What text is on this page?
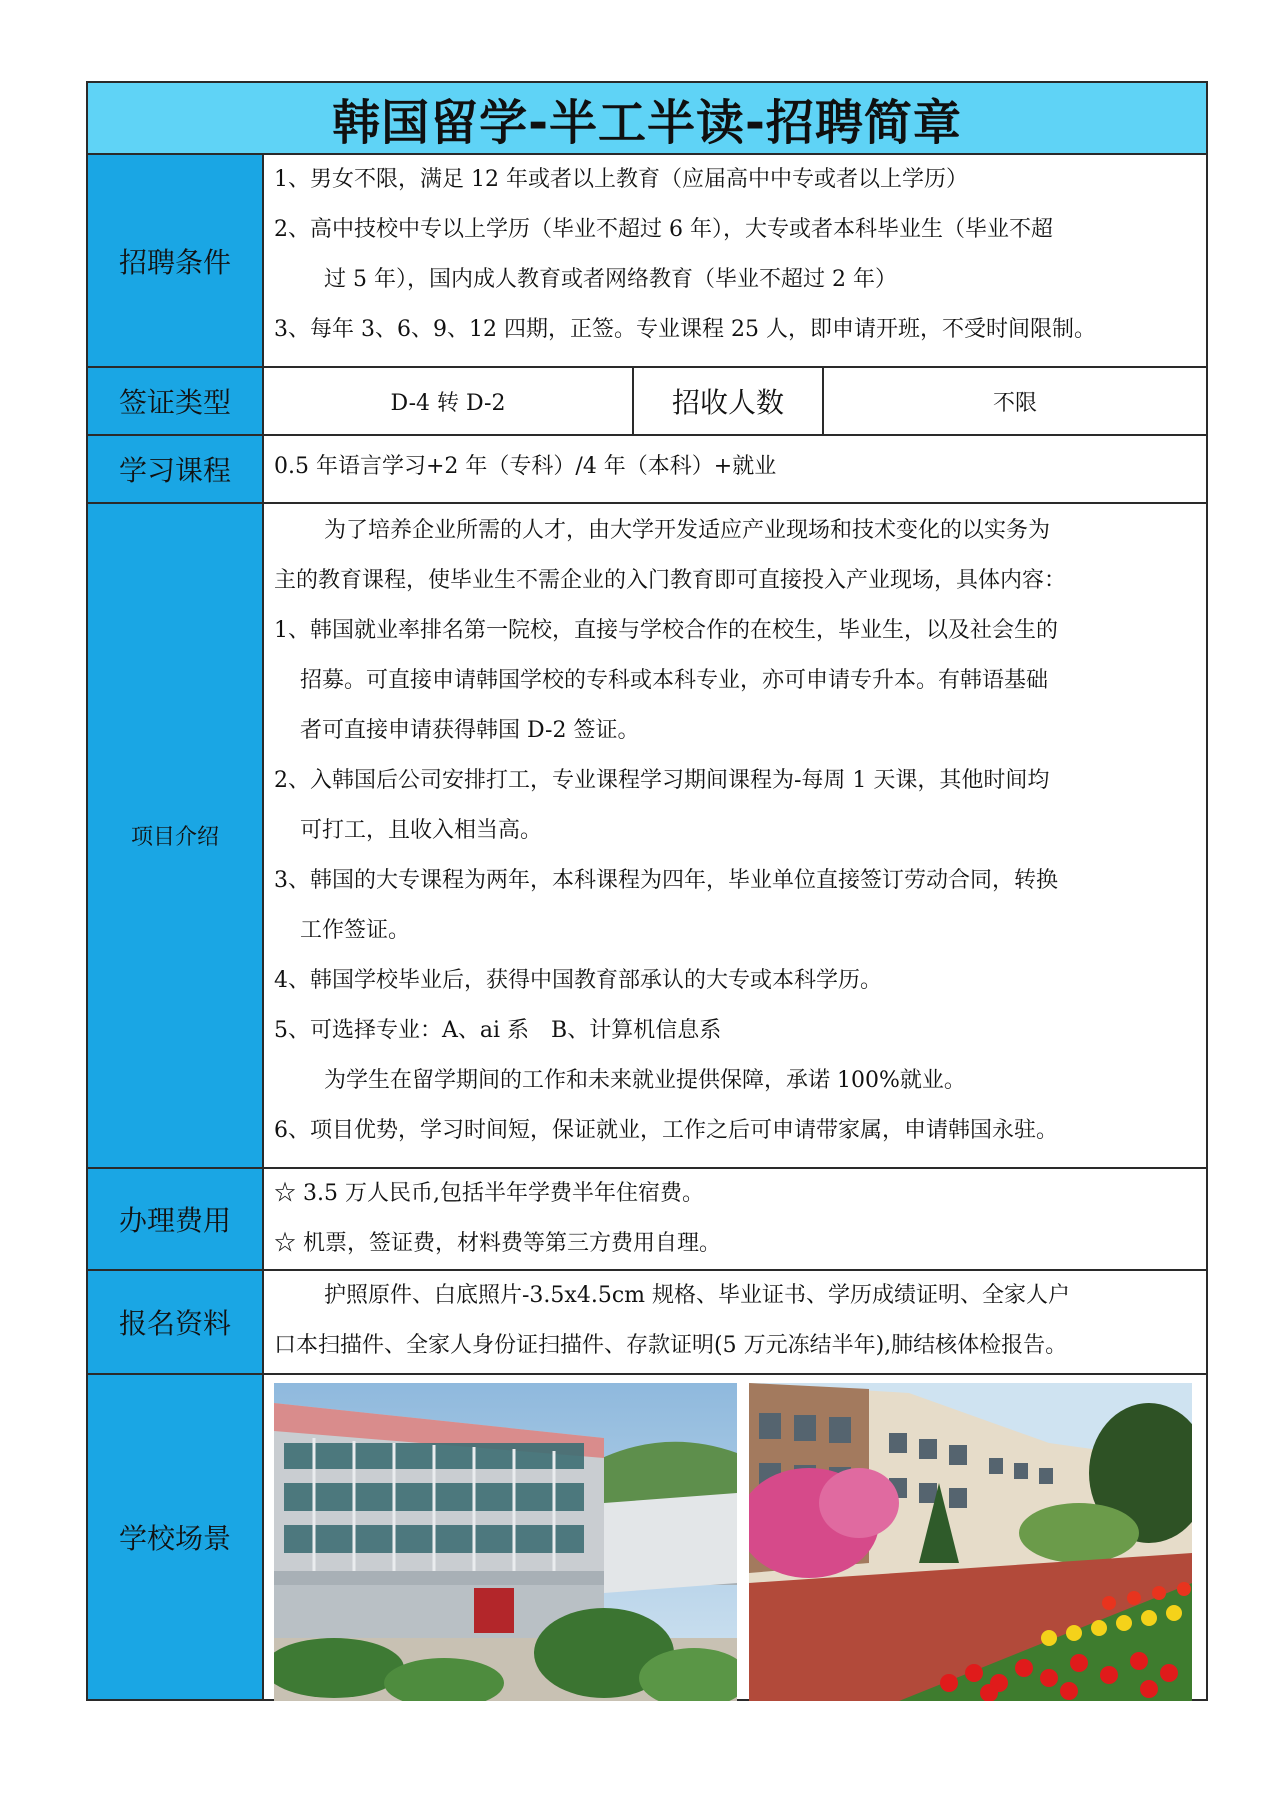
韩国留学-半工半读-招聘简章
招聘条件

1、男女不限，满足 12 年或者以上教育（应届高中中专或者以上学历）

2、高中技校中专以上学历（毕业不超过 6 年），大专或者本科毕业生（毕业不超

过 5 年），国内成人教育或者网络教育（毕业不超过 2 年）

3、每年 3、6、9、12 四期，正签。专业课程 25 人，即申请开班，不受时间限制。

签证类型	D-4 转 D-2	招收人数	不限
学习课程	0.5 年语言学习+2 年（专科）/4 年（本科）+就业

项目介绍

为了培养企业所需的人才，由大学开发适应产业现场和技术变化的以实务为

主的教育课程，使毕业生不需企业的入门教育即可直接投入产业现场，具体内容：

1、韩国就业率排名第一院校，直接与学校合作的在校生，毕业生，以及社会生的

招募。可直接申请韩国学校的专科或本科专业，亦可申请专升本。有韩语基础

者可直接申请获得韩国 D-2 签证。

2、入韩国后公司安排打工，专业课程学习期间课程为-每周 1 天课，其他时间均

可打工，且收入相当高。

3、韩国的大专课程为两年，本科课程为四年，毕业单位直接签订劳动合同，转换

工作签证。

4、韩国学校毕业后，获得中国教育部承认的大专或本科学历。

5、可选择专业：A、ai 系　B、计算机信息系

为学生在留学期间的工作和未来就业提供保障，承诺 100%就业。

6、项目优势，学习时间短，保证就业，工作之后可申请带家属，申请韩国永驻。

办理费用

☆ 3.5 万人民币,包括半年学费半年住宿费。

☆ 机票，签证费，材料费等第三方费用自理。

报名资料

护照原件、白底照片-3.5x4.5cm 规格、毕业证书、学历成绩证明、全家人户

口本扫描件、全家人身份证扫描件、存款证明(5 万元冻结半年),肺结核体检报告。

学校场景
